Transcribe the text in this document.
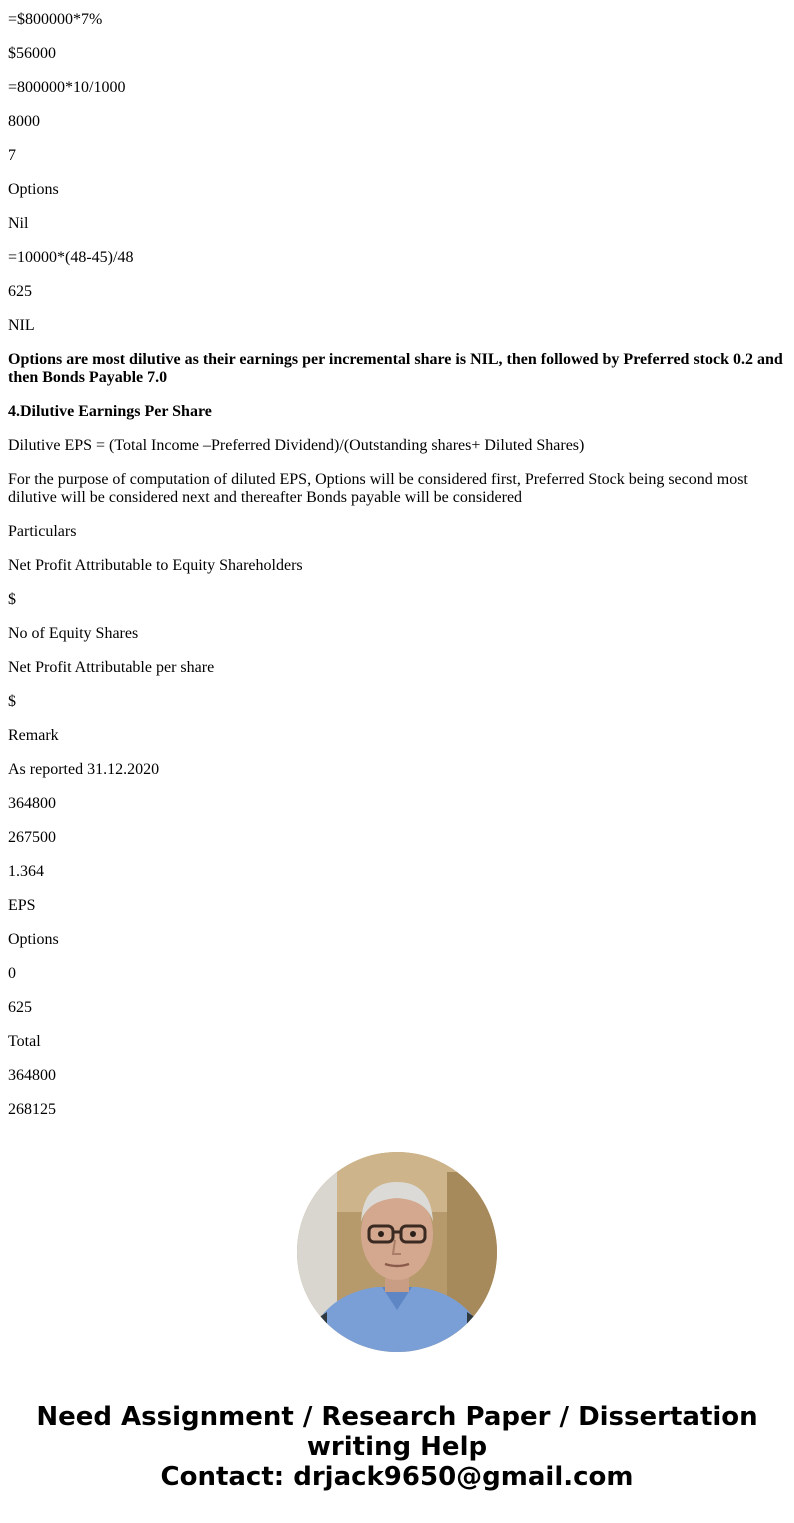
=$800000*7%

$56000

=800000*10/1000

8000

7

Options

Nil

=10000*(48-45)/48

625

NIL

Options are most dilutive as their earnings per incremental share is NIL, then followed by Preferred stock 0.2 and then Bonds Payable 7.0

4.Dilutive Earnings Per Share

Dilutive EPS = (Total Income –Preferred Dividend)/(Outstanding shares+ Diluted Shares)

For the purpose of computation of diluted EPS, Options will be considered first, Preferred Stock being second most dilutive will be considered next and thereafter Bonds payable will be considered

Particulars

Net Profit Attributable to Equity Shareholders

$

No of Equity Shares

Net Profit Attributable per share

$

Remark

As reported 31.12.2020

364800

267500

1.364

EPS

Options

0

625

Total

364800

268125

Need Assignment / Research Paper / Dissertation
writing Help
Contact: drjack9650@gmail.com
